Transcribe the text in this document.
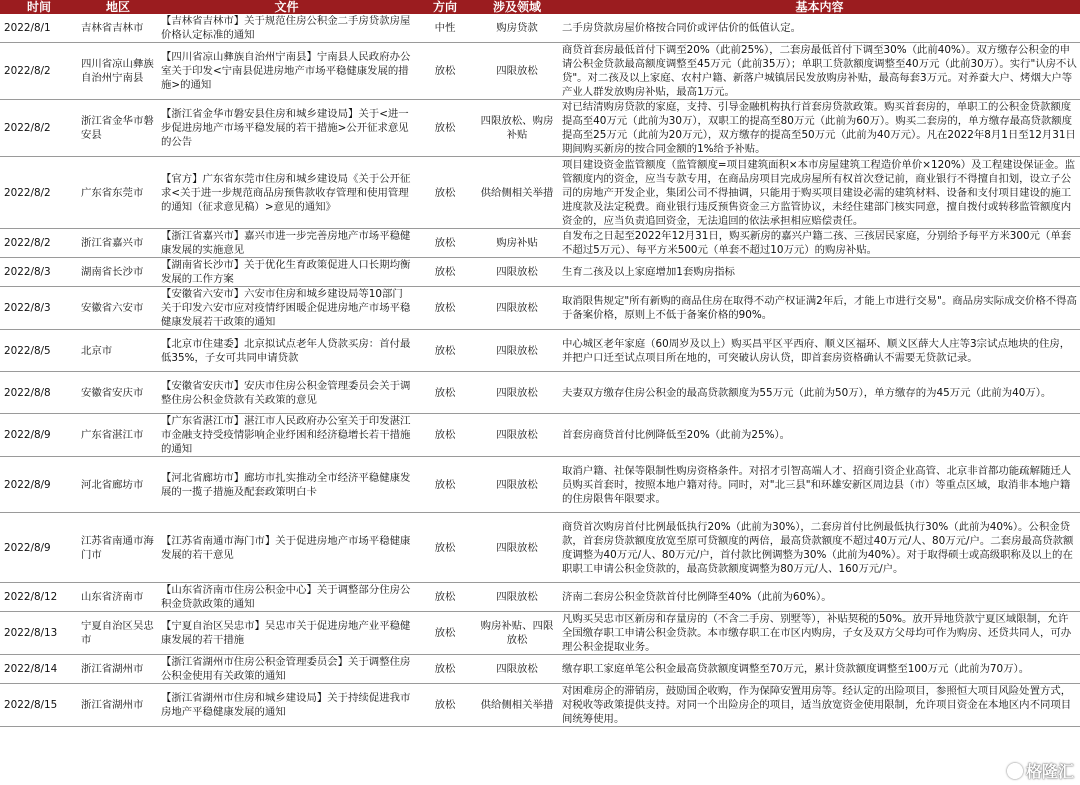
时间	地区	文件	方向	涉及领域	基本内容
2022/8/1	吉林省吉林市	【吉林省吉林市】关于规范住房公积金二手房贷款房屋价格认定标准的通知	中性	购房贷款	二手房贷款房屋价格按合同价或评估价的低值认定。
2022/8/2	四川省凉山彝族自治州宁南县	【四川省凉山彝族自治州宁南县】宁南县人民政府办公室关于印发<宁南县促进房地产市场平稳健康发展的措施>的通知	放松	四限放松	商贷首套房最低首付下调至20%（此前25%），二套房最低首付下调至30%（此前40%）。双方缴存公积金的申请公积金贷款最高额度调整至45万元（此前35万）；单职工贷款额度调整至40万元（此前30万）。实行"认房不认贷"。对二孩及以上家庭、农村户籍、新落户城镇居民发放购房补贴，最高每套3万元。对养蚕大户、烤烟大户等产业人群发放购房补贴，最高1万元。
2022/8/2	浙江省金华市磐安县	【浙江省金华市磐安县住房和城乡建设局】关于<进一步促进房地产市场平稳发展的若干措施>公开征求意见的公告	放松	四限放松、购房补贴	对已结清购房贷款的家庭，支持、引导金融机构执行首套房贷款政策。购买首套房的，单职工的公积金贷款额度提高至40万元（此前为30万），双职工的提高至80万元（此前为60万）。购买二套房的，单方缴存最高贷款额度提高至25万元（此前为20万元），双方缴存的提高至50万元（此前为40万元）。凡在2022年8月1日至12月31日期间购买新房的按合同金额的1%给予补贴。
2022/8/2	广东省东莞市	【官方】广东省东莞市住房和城乡建设局《关于公开征求<关于进一步规范商品房预售款收存管理和使用管理的通知（征求意见稿）>意见的通知》	放松	供给侧相关举措	项目建设资金监管额度（监管额度=项目建筑面积×本市房屋建筑工程造价单价×120%）及工程建设保证金。监管额度内的资金，应当专款专用，在商品房项目完成房屋所有权首次登记前，商业银行不得擅自扣划，设立子公司的房地产开发企业，集团公司不得抽调，只能用于购买项目建设必需的建筑材料、设备和支付项目建设的施工进度款及法定税费。商业银行违反预售资金三方监管协议，未经住建部门核实同意，擅自拨付或转移监管额度内资金的，应当负责追回资金，无法追回的依法承担相应赔偿责任。

2022/8/2	浙江省嘉兴市	【浙江省嘉兴市】嘉兴市进一步完善房地产市场平稳健康发展的实施意见	放松	购房补贴	自发布之日起至2022年12月31日，购买新房的嘉兴户籍二孩、三孩居民家庭，分别给予每平方米300元（单套不超过5万元）、每平方米500元（单套不超过10万元）的购房补贴。
2022/8/3	湖南省长沙市	【湖南省长沙市】关于优化生育政策促进人口长期均衡发展的工作方案	放松	四限放松	生育二孩及以上家庭增加1套购房指标
2022/8/3	安徽省六安市	【安徽省六安市】六安市住房和城乡建设局等10部门关于印发六安市应对疫情纾困暖企促进房地产市场平稳健康发展若干政策的通知	放松	四限放松	取消限售规定"所有新购的商品住房在取得不动产权证满2年后，才能上市进行交易"。商品房实际成交价格不得高于备案价格，原则上不低于备案价格的90%。
2022/8/5	北京市	【北京市住建委】北京拟试点老年人贷款买房：首付最低35%，子女可共同申请贷款	放松	四限放松	中心城区老年家庭（60周岁及以上）购买昌平区平西府、顺义区福环、顺义区薛大人庄等3宗试点地块的住房，并把户口迁至试点项目所在地的，可突破认房认贷，即首套房资格确认不需要无贷款记录。
2022/8/8	安徽省安庆市	【安徽省安庆市】安庆市住房公积金管理委员会关于调整住房公积金贷款有关政策的意见	放松	四限放松	夫妻双方缴存住房公积金的最高贷款额度为55万元（此前为50万），单方缴存的为45万元（此前为40万）。
2022/8/9	广东省湛江市	【广东省湛江市】湛江市人民政府办公室关于印发湛江市金融支持受疫情影响企业纾困和经济稳增长若干措施的通知	放松	四限放松	首套房商贷首付比例降低至20%（此前为25%）。
2022/8/9	河北省廊坊市	【河北省廊坊市】廊坊市扎实推动全市经济平稳健康发展的一揽子措施及配套政策明白卡	放松	四限放松	取消户籍、社保等限制性购房资格条件。对招才引智高端人才、招商引资企业高管、北京非首都功能疏解随迁人员购买首套时，按照本地户籍对待。同时，对"北三县"和环雄安新区周边县（市）等重点区域，取消非本地户籍的住房限售年限要求。
2022/8/9	江苏省南通市海门市	【江苏省南通市海门市】关于促进房地产市场平稳健康发展的若干意见	放松	四限放松	商贷首次购房首付比例最低执行20%（此前为30%），二套房首付比例最低执行30%（此前为40%）。公积金贷款，首套房贷款额度放宽至原可贷额度的两倍，最高贷款额度不超过40万元/人、80万元/户。二套房最高贷款额度调整为40万元/人、80万元/户，首付款比例调整为30%（此前为40%）。对于取得硕士或高级职称及以上的在职职工申请公积金贷款的，最高贷款额度调整为80万元/人、160万元/户。
2022/8/12	山东省济南市	【山东省济南市住房公积金中心】关于调整部分住房公积金贷款政策的通知	放松	四限放松	济南二套房公积金贷款首付比例降至40%（此前为60%）。
2022/8/13	宁夏自治区吴忠市	【宁夏自治区吴忠市】吴忠市关于促进房地产业平稳健康发展的若干措施	放松	购房补贴、四限放松	凡购买吴忠市区新房和存量房的（不含二手房、别墅等），补贴契税的50%。放开异地贷款宁夏区域限制，允许全国缴存职工申请公积金贷款。本市缴存职工在市区内购房，子女及双方父母均可作为购房、还贷共同人，可办理公积金提取业务。
2022/8/14	浙江省湖州市	【浙江省湖州市住房公积金管理委员会】关于调整住房公积金使用有关政策的通知	放松	四限放松	缴存职工家庭单笔公积金最高贷款额度调整至70万元，累计贷款额度调整至100万元（此前为70万）。
2022/8/15	浙江省湖州市	【浙江省湖州市住房和城乡建设局】关于持续促进我市房地产平稳健康发展的通知	放松	供给侧相关举措	对困难房企的滞销房，鼓励国企收购，作为保障安置用房等。经认定的出险项目，参照恒大项目风险处置方式，对税收等政策提供支持。对同一个出险房企的项目，适当放宽资金使用限制，允许项目资金在本地区内不同项目间统筹使用。
格隆汇
